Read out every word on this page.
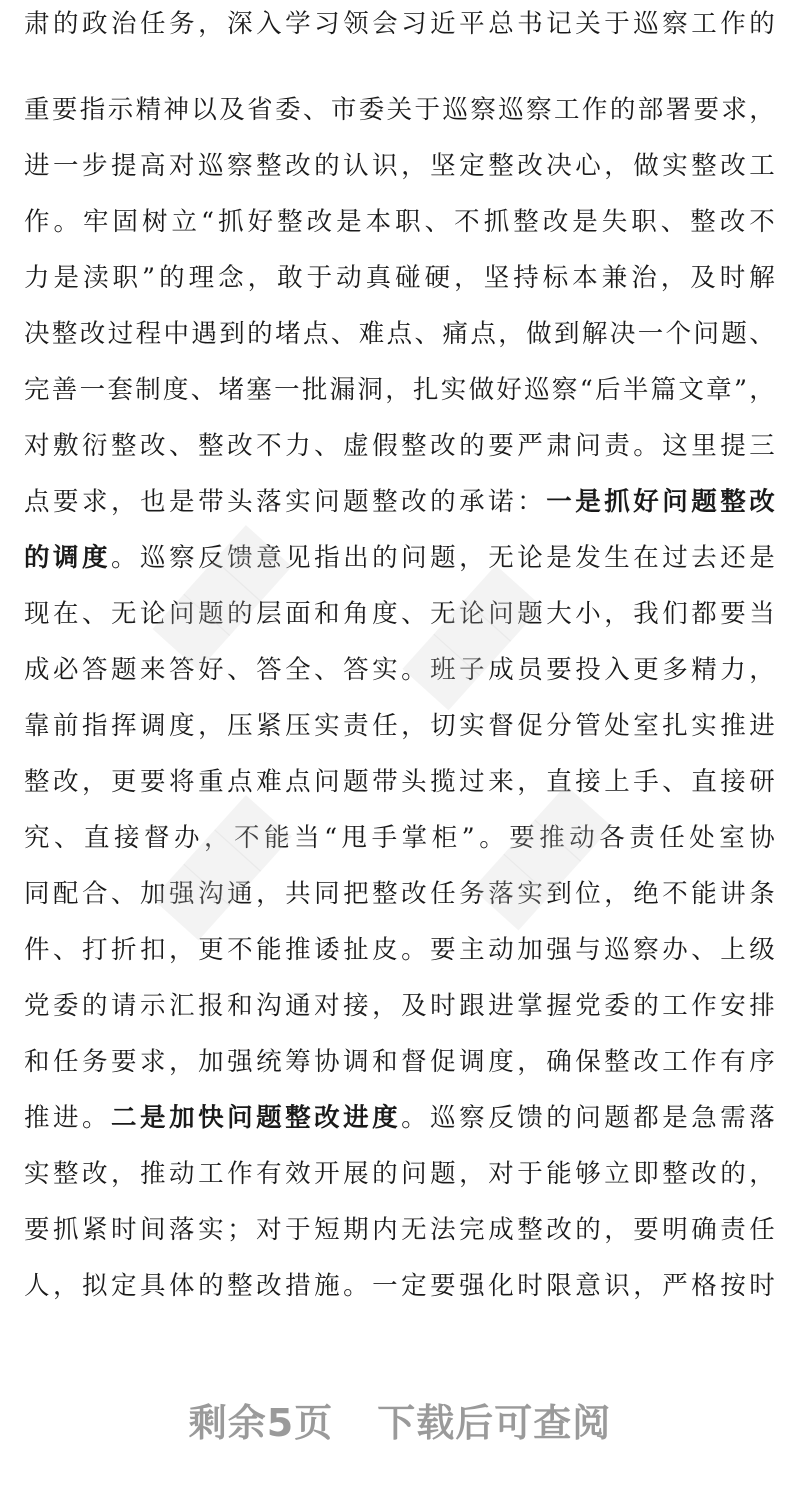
肃的政治任务，深入学习领会习近平总书记关于巡察工作的
重要指示精神以及省委、市委关于巡察巡察工作的部署要求，
进一步提高对巡察整改的认识，坚定整改决心，做实整改工
作。牢固树立“抓好整改是本职、不抓整改是失职、整改不
力是渎职”的理念，敢于动真碰硬，坚持标本兼治，及时解
决整改过程中遇到的堵点、难点、痛点，做到解决一个问题、
完善一套制度、堵塞一批漏洞，扎实做好巡察“后半篇文章”，
对敷衍整改、整改不力、虚假整改的要严肃问责。这里提三
点要求，也是带头落实问题整改的承诺：一是抓好问题整改
的调度。巡察反馈意见指出的问题，无论是发生在过去还是
现在、无论问题的层面和角度、无论问题大小，我们都要当
成必答题来答好、答全、答实。班子成员要投入更多精力，
靠前指挥调度，压紧压实责任，切实督促分管处室扎实推进
整改，更要将重点难点问题带头揽过来，直接上手、直接研
究、直接督办，不能当“甩手掌柜”。要推动各责任处室协
同配合、加强沟通，共同把整改任务落实到位，绝不能讲条
件、打折扣，更不能推诿扯皮。要主动加强与巡察办、上级
党委的请示汇报和沟通对接，及时跟进掌握党委的工作安排
和任务要求，加强统筹协调和督促调度，确保整改工作有序
推进。二是加快问题整改进度。巡察反馈的问题都是急需落
实整改，推动工作有效开展的问题，对于能够立即整改的，
要抓紧时间落实；对于短期内无法完成整改的，要明确责任
人，拟定具体的整改措施。一定要强化时限意识，严格按时
▇▇▇ ▇▇▇
▇▇▇	▇▇▇
剩余5页 下载后可查阅
